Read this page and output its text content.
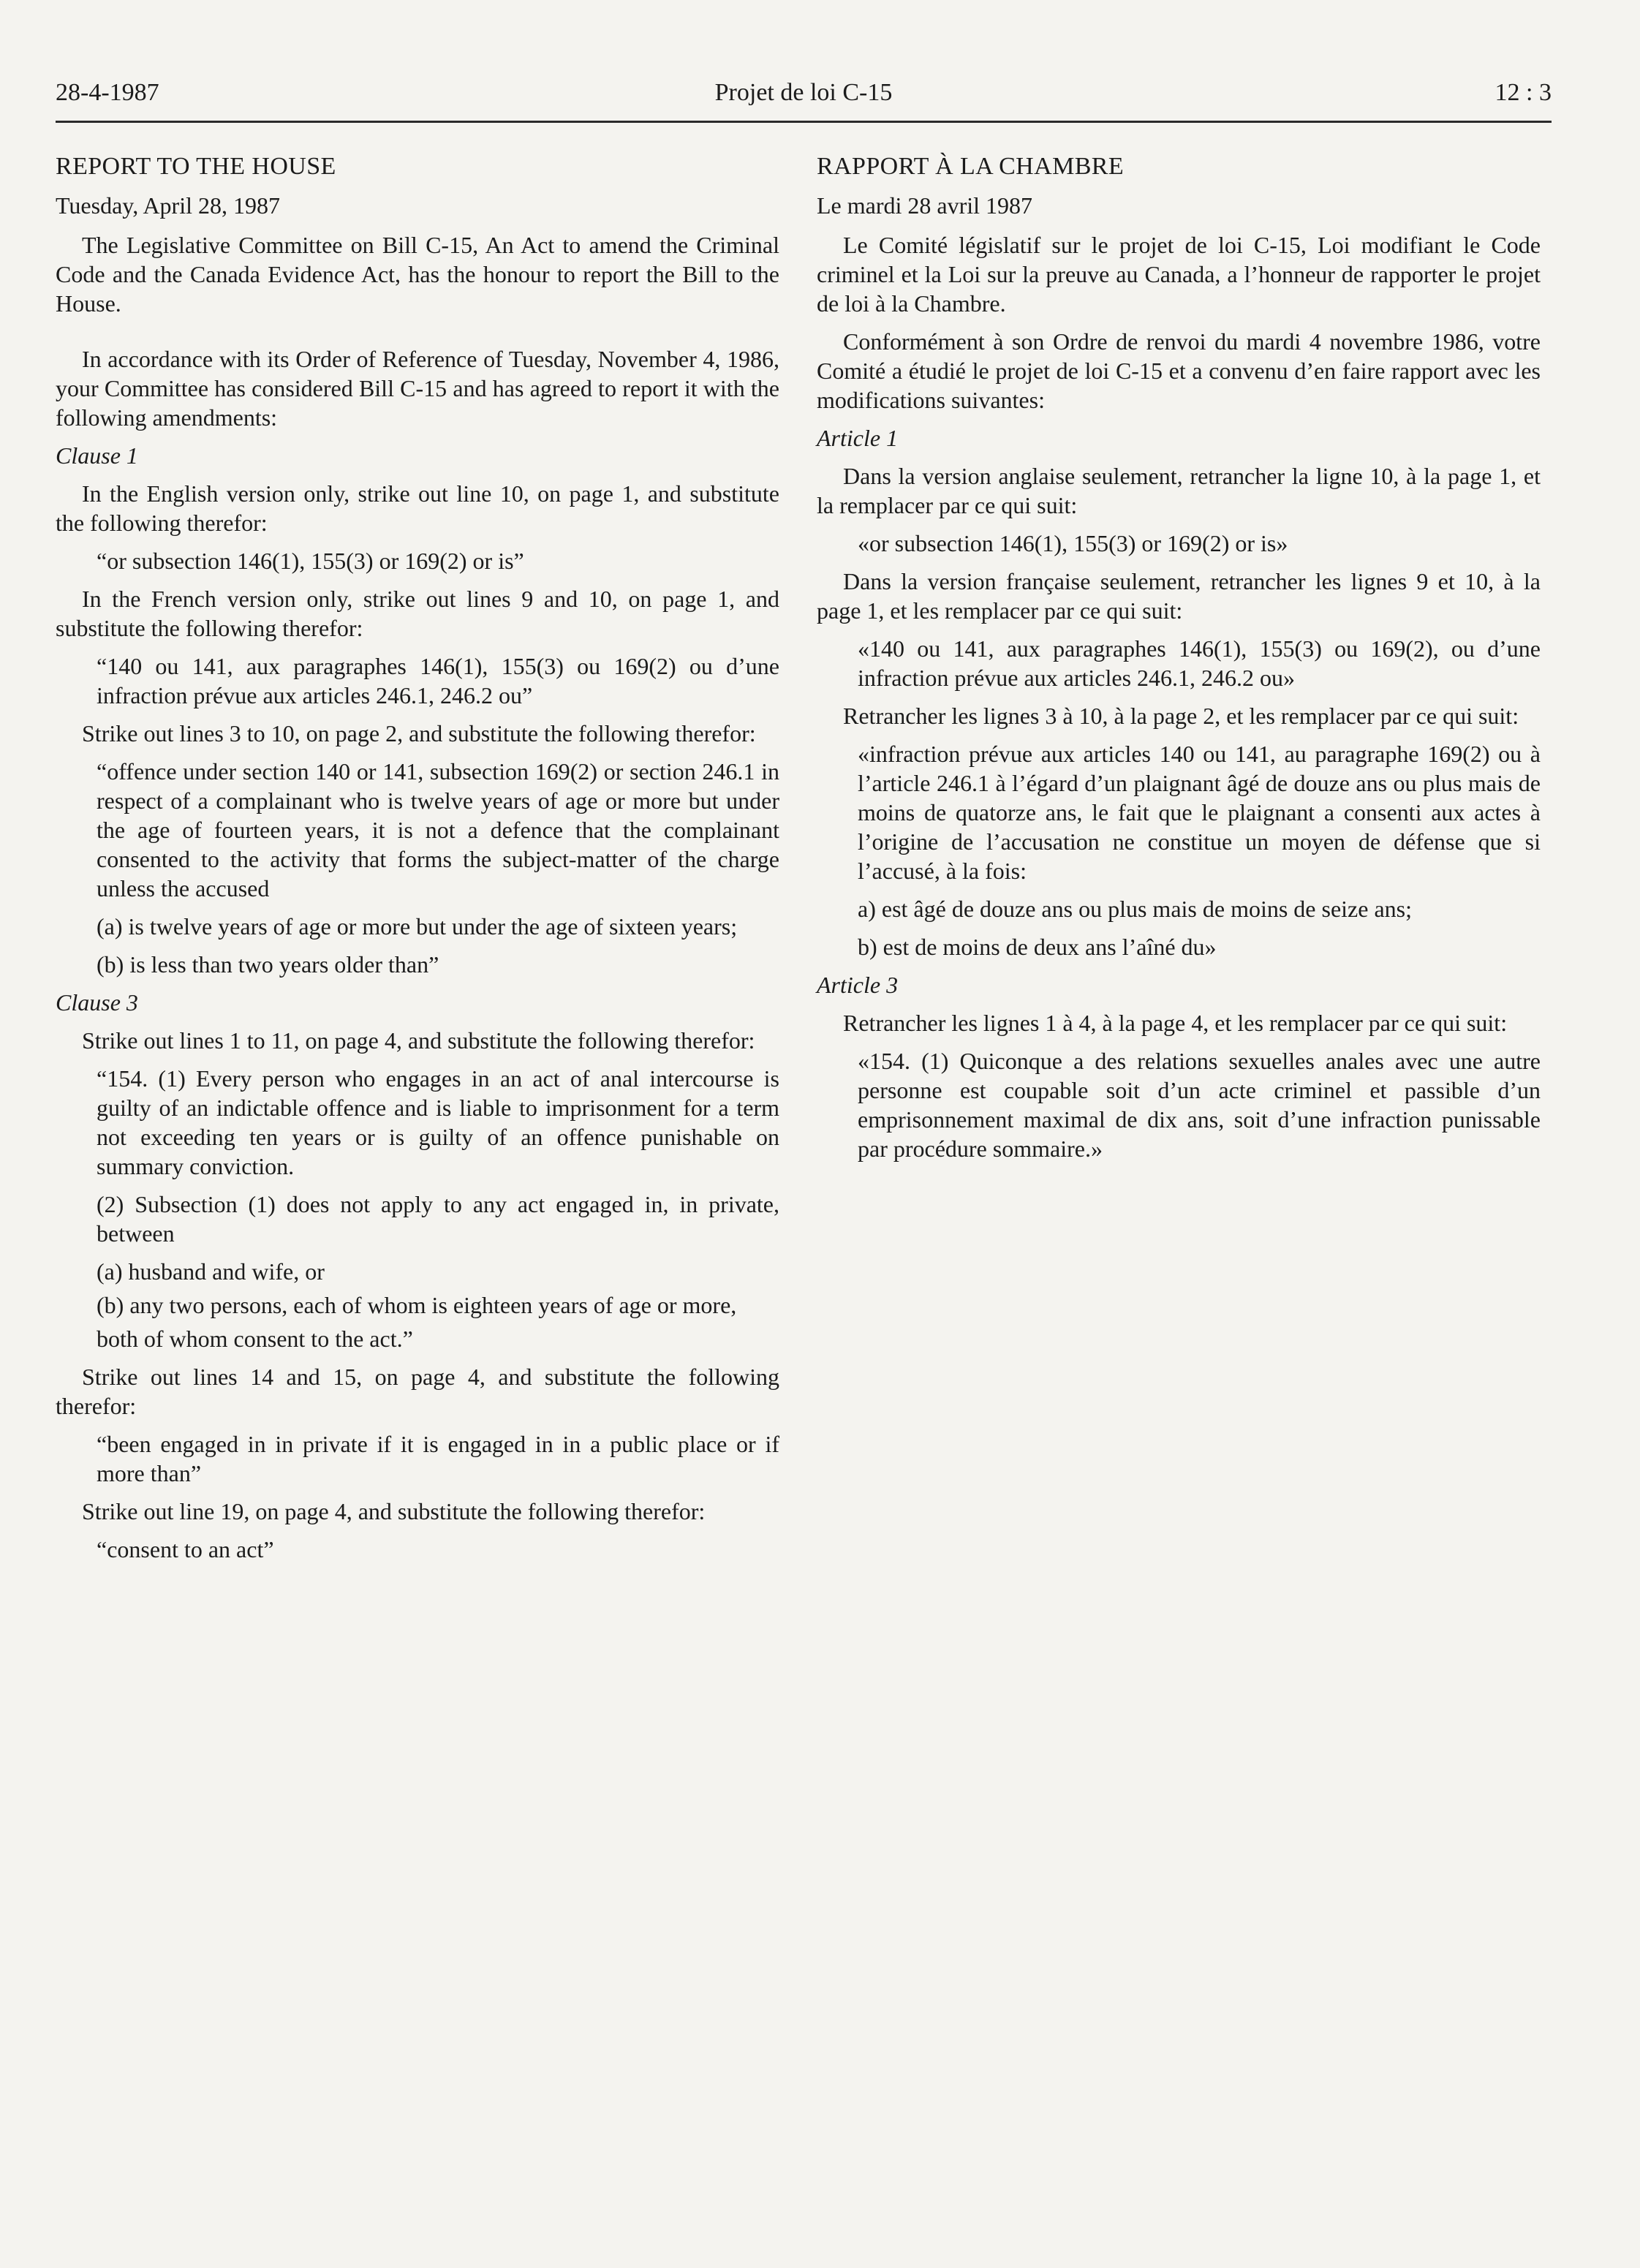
28-4-1987	Projet de loi C-15	12 : 3
REPORT TO THE HOUSE
Tuesday, April 28, 1987

The Legislative Committee on Bill C-15, An Act to amend the Criminal Code and the Canada Evidence Act, has the honour to report the Bill to the House.

In accordance with its Order of Reference of Tuesday, November 4, 1986, your Committee has considered Bill C-15 and has agreed to report it with the following amendments:

Clause 1

In the English version only, strike out line 10, on page 1, and substitute the following therefor:

“or subsection 146(1), 155(3) or 169(2) or is”

In the French version only, strike out lines 9 and 10, on page 1, and substitute the following therefor:

“140 ou 141, aux paragraphes 146(1), 155(3) ou 169(2) ou d’une infraction prévue aux articles 246.1, 246.2 ou”

Strike out lines 3 to 10, on page 2, and substitute the following therefor:

“offence under section 140 or 141, subsection 169(2) or section 246.1 in respect of a complainant who is twelve years of age or more but under the age of fourteen years, it is not a defence that the complainant consented to the activity that forms the subject-matter of the charge unless the accused
(a) is twelve years of age or more but under the age of sixteen years;
(b) is less than two years older than”
Clause 3

Strike out lines 1 to 11, on page 4, and substitute the following therefor:

“154. (1) Every person who engages in an act of anal intercourse is guilty of an indictable offence and is liable to imprisonment for a term not exceeding ten years or is guilty of an offence punishable on summary conviction.
(2) Subsection (1) does not apply to any act engaged in, in private, between
(a) husband and wife, or
(b) any two persons, each of whom is eighteen years of age or more,
both of whom consent to the act.”

Strike out lines 14 and 15, on page 4, and substitute the following therefor:

“been engaged in in private if it is engaged in in a public place or if more than”

Strike out line 19, on page 4, and substitute the following therefor:

“consent to an act”
RAPPORT À LA CHAMBRE
Le mardi 28 avril 1987

Le Comité législatif sur le projet de loi C-15, Loi modifiant le Code criminel et la Loi sur la preuve au Canada, a l’honneur de rapporter le projet de loi à la Chambre.

Conformément à son Ordre de renvoi du mardi 4 novembre 1986, votre Comité a étudié le projet de loi C-15 et a convenu d’en faire rapport avec les modifications suivantes:

Article 1

Dans la version anglaise seulement, retrancher la ligne 10, à la page 1, et la remplacer par ce qui suit:

«or subsection 146(1), 155(3) or 169(2) or is»

Dans la version française seulement, retrancher les lignes 9 et 10, à la page 1, et les remplacer par ce qui suit:

«140 ou 141, aux paragraphes 146(1), 155(3) ou 169(2), ou d’une infraction prévue aux articles 246.1, 246.2 ou»

Retrancher les lignes 3 à 10, à la page 2, et les remplacer par ce qui suit:

«infraction prévue aux articles 140 ou 141, au paragraphe 169(2) ou à l’article 246.1 à l’égard d’un plaignant âgé de douze ans ou plus mais de moins de quatorze ans, le fait que le plaignant a consenti aux actes à l’origine de l’accusation ne constitue un moyen de défense que si l’accusé, à la fois:
a) est âgé de douze ans ou plus mais de moins de seize ans;
b) est de moins de deux ans l’aîné du»
Article 3

Retrancher les lignes 1 à 4, à la page 4, et les remplacer par ce qui suit:

«154. (1) Quiconque a des relations sexuelles anales avec une autre personne est coupable soit d’un acte criminel et passible d’un emprisonnement maximal de dix ans, soit d’une infraction punissable par procédure sommaire.»
